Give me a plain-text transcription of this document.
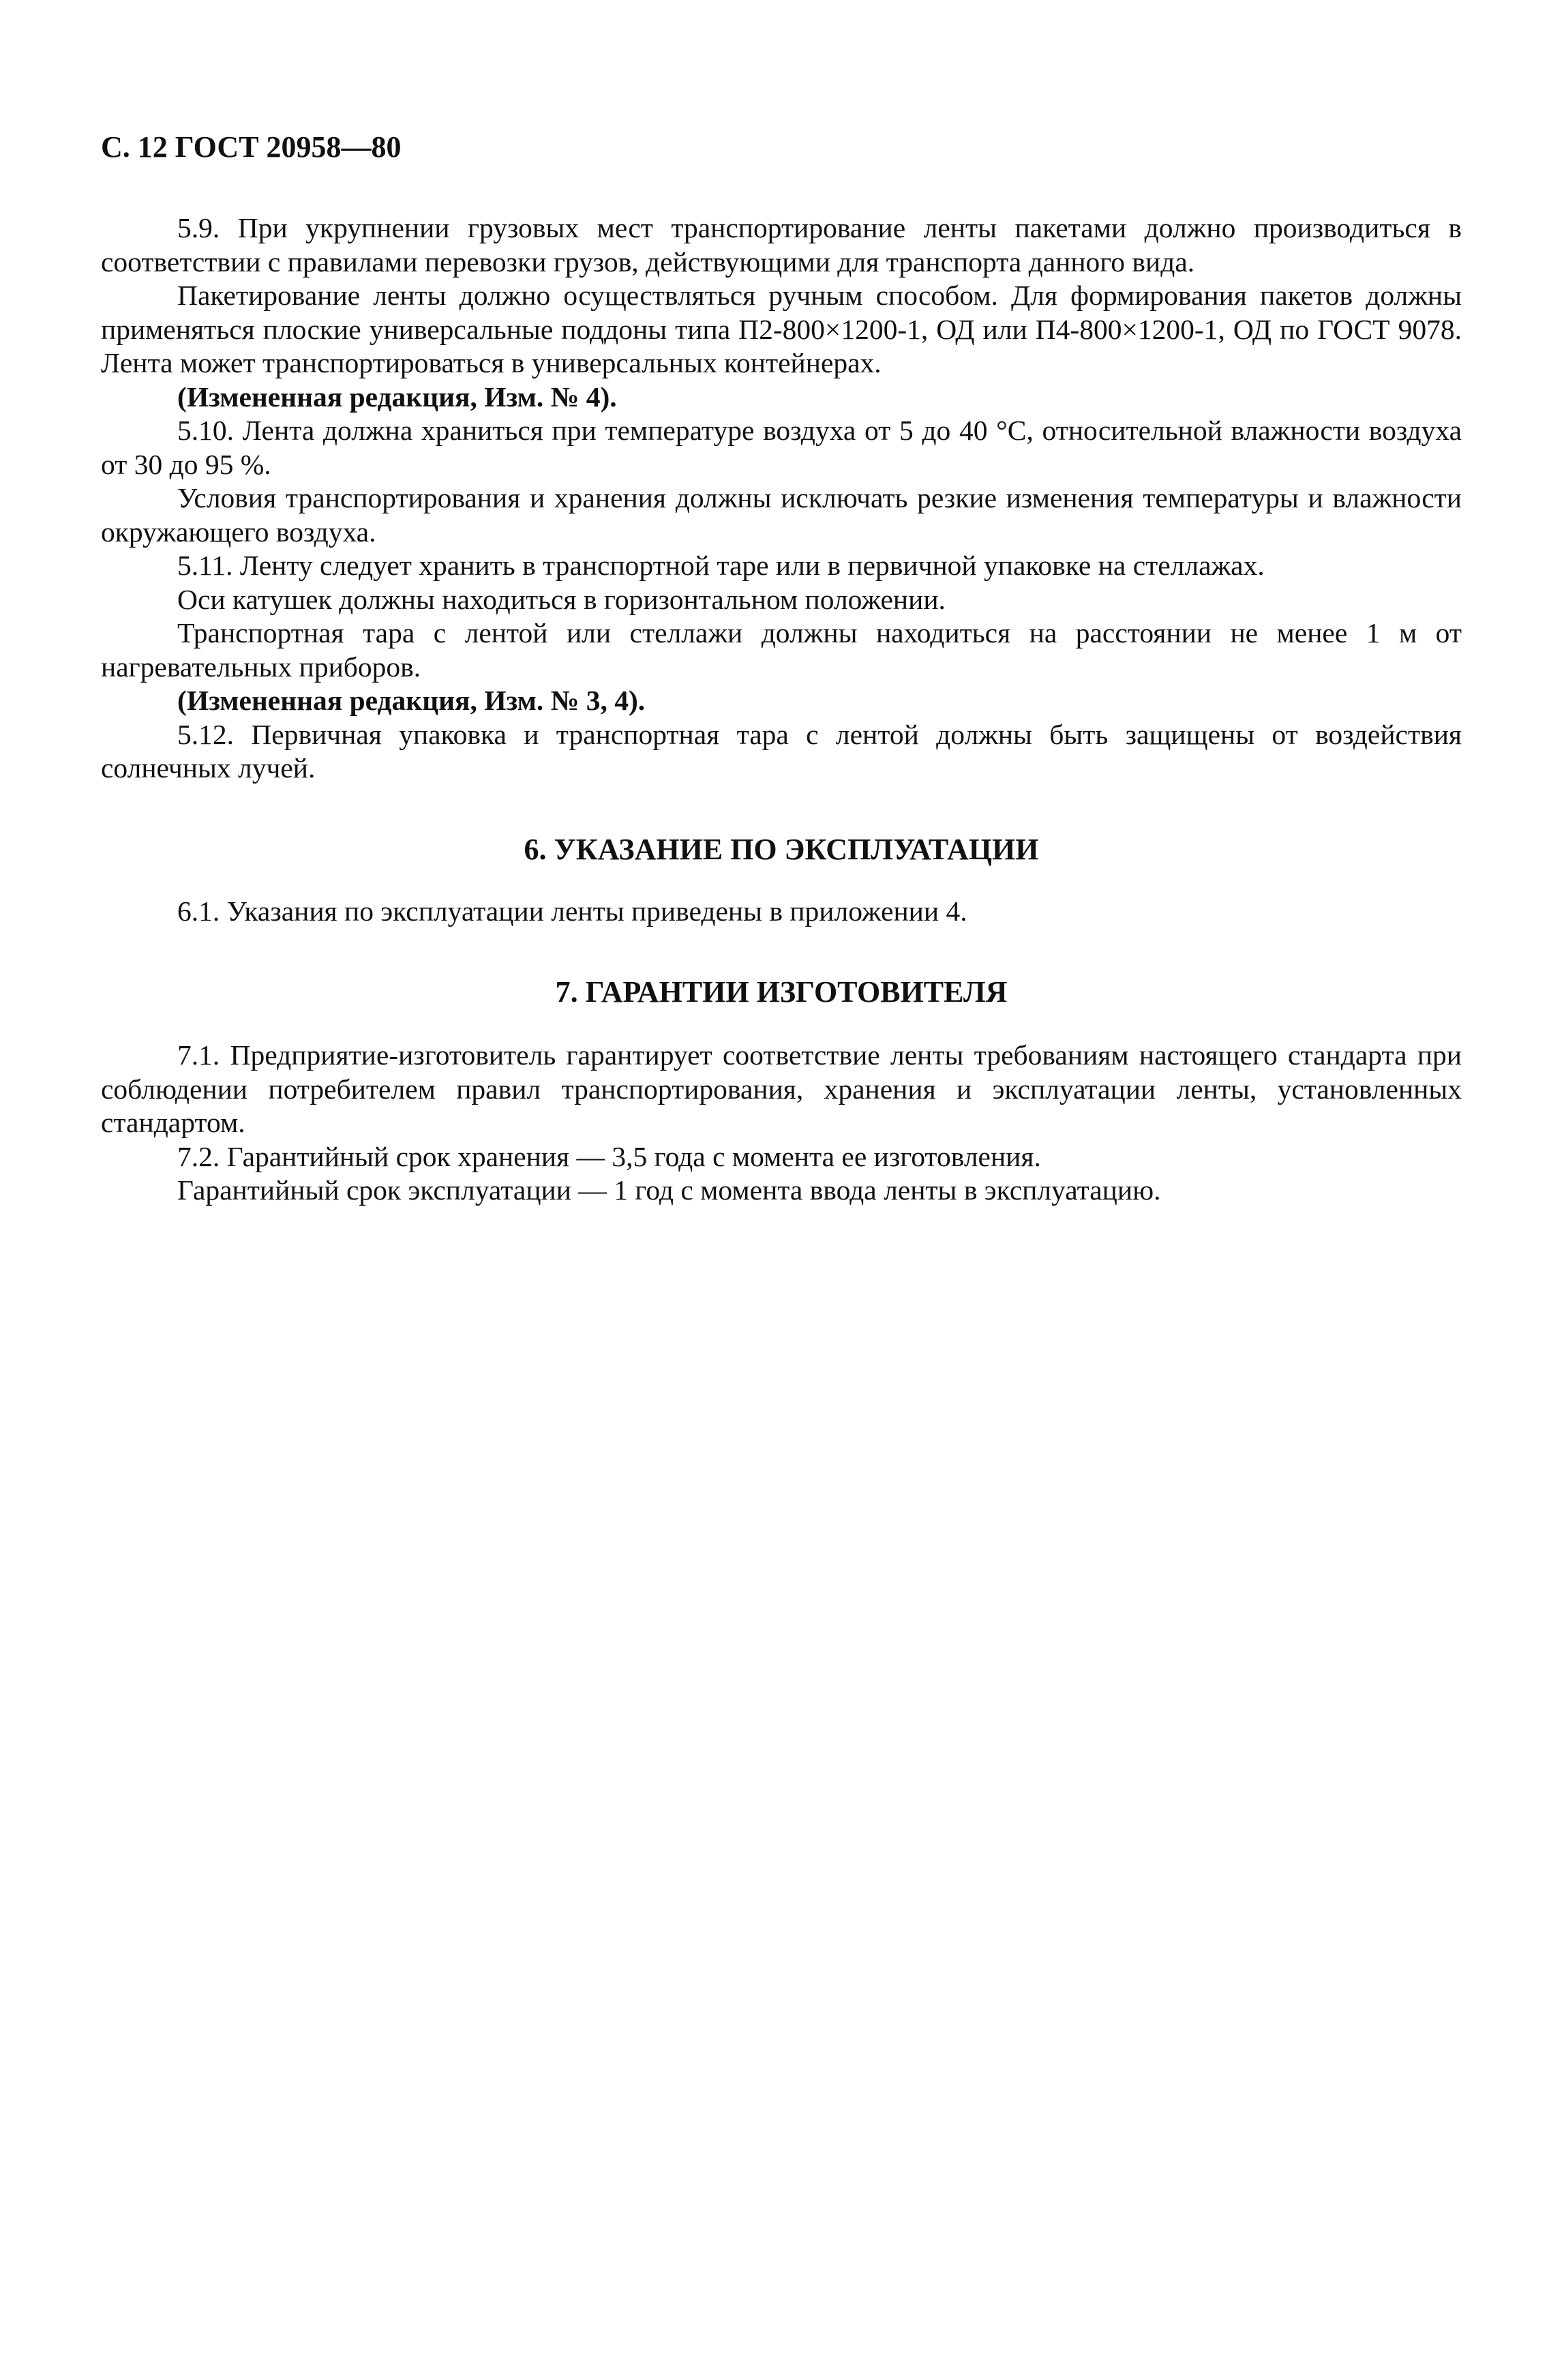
С. 12 ГОСТ 20958—80

5.9. При укрупнении грузовых мест транспортирование ленты пакетами должно производиться в соответствии с правилами перевозки грузов, действующими для транспорта данного вида.

Пакетирование ленты должно осуществляться ручным способом. Для формирования пакетов должны применяться плоские универсальные поддоны типа П2-800×1200-1, ОД или П4-800×1200-1, ОД по ГОСТ 9078. Лента может транспортироваться в универсальных контейнерах.

(Измененная редакция, Изм. № 4).

5.10. Лента должна храниться при температуре воздуха от 5 до 40 °С, относительной влажности воздуха от 30 до 95 %.

Условия транспортирования и хранения должны исключать резкие изменения температуры и влажности окружающего воздуха.

5.11. Ленту следует хранить в транспортной таре или в первичной упаковке на стеллажах.

Оси катушек должны находиться в горизонтальном положении.

Транспортная тара с лентой или стеллажи должны находиться на расстоянии не менее 1 м от нагревательных приборов.

(Измененная редакция, Изм. № 3, 4).

5.12. Первичная упаковка и транспортная тара с лентой должны быть защищены от воздействия солнечных лучей.

6. УКАЗАНИЕ ПО ЭКСПЛУАТАЦИИ

6.1. Указания по эксплуатации ленты приведены в приложении 4.

7. ГАРАНТИИ ИЗГОТОВИТЕЛЯ

7.1. Предприятие-изготовитель гарантирует соответствие ленты требованиям настоящего стандарта при соблюдении потребителем правил транспортирования, хранения и эксплуатации ленты, установленных стандартом.

7.2. Гарантийный срок хранения — 3,5 года с момента ее изготовления.

Гарантийный срок эксплуатации — 1 год с момента ввода ленты в эксплуатацию.
